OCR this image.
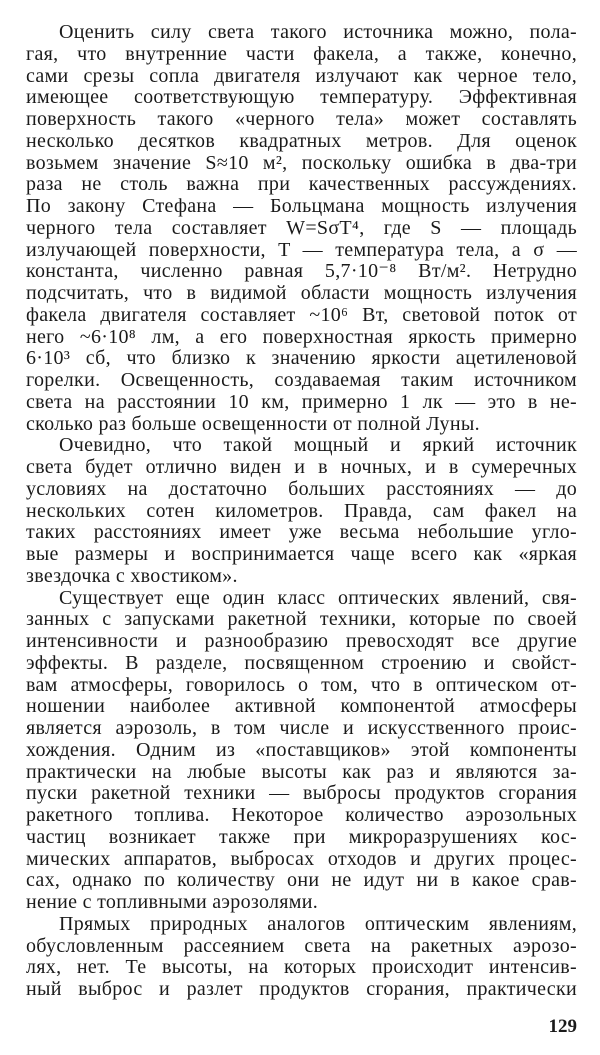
Оценить силу света такого источника можно, пола-
гая, что внутренние части факела, а также, конечно,
сами срезы сопла двигателя излучают как черное тело,
имеющее соответствующую температуру. Эффективная
поверхность такого «черного тела» может составлять
несколько десятков квадратных метров. Для оценок
возьмем значение S≈10 м², поскольку ошибка в два-три
раза не столь важна при качественных рассуждениях.
По закону Стефана — Больцмана мощность излучения
черного тела составляет W=SσT⁴, где S — площадь
излучающей поверхности, T — температура тела, а σ —
константа, численно равная 5,7·10⁻⁸ Вт/м². Нетрудно
подсчитать, что в видимой области мощность излучения
факела двигателя составляет ~10⁶ Вт, световой поток от
него ~6·10⁸ лм, а его поверхностная яркость примерно
6·10³ сб, что близко к значению яркости ацетиленовой
горелки. Освещенность, создаваемая таким источником
света на расстоянии 10 км, примерно 1 лк — это в не-
сколько раз больше освещенности от полной Луны.
Очевидно, что такой мощный и яркий источник
света будет отлично виден и в ночных, и в сумеречных
условиях на достаточно больших расстояниях — до
нескольких сотен километров. Правда, сам факел на
таких расстояниях имеет уже весьма небольшие угло-
вые размеры и воспринимается чаще всего как «яркая
звездочка с хвостиком».
Существует еще один класс оптических явлений, свя-
занных с запусками ракетной техники, которые по своей
интенсивности и разнообразию превосходят все другие
эффекты. В разделе, посвященном строению и свойст-
вам атмосферы, говорилось о том, что в оптическом от-
ношении наиболее активной компонентой атмосферы
является аэрозоль, в том числе и искусственного проис-
хождения. Одним из «поставщиков» этой компоненты
практически на любые высоты как раз и являются за-
пуски ракетной техники — выбросы продуктов сгорания
ракетного топлива. Некоторое количество аэрозольных
частиц возникает также при микроразрушениях кос-
мических аппаратов, выбросах отходов и других процес-
сах, однако по количеству они не идут ни в какое срав-
нение с топливными аэрозолями.
Прямых природных аналогов оптическим явлениям,
обусловленным рассеянием света на ракетных аэрозо-
лях, нет. Те высоты, на которых происходит интенсив-
ный выброс и разлет продуктов сгорания, практически
129
